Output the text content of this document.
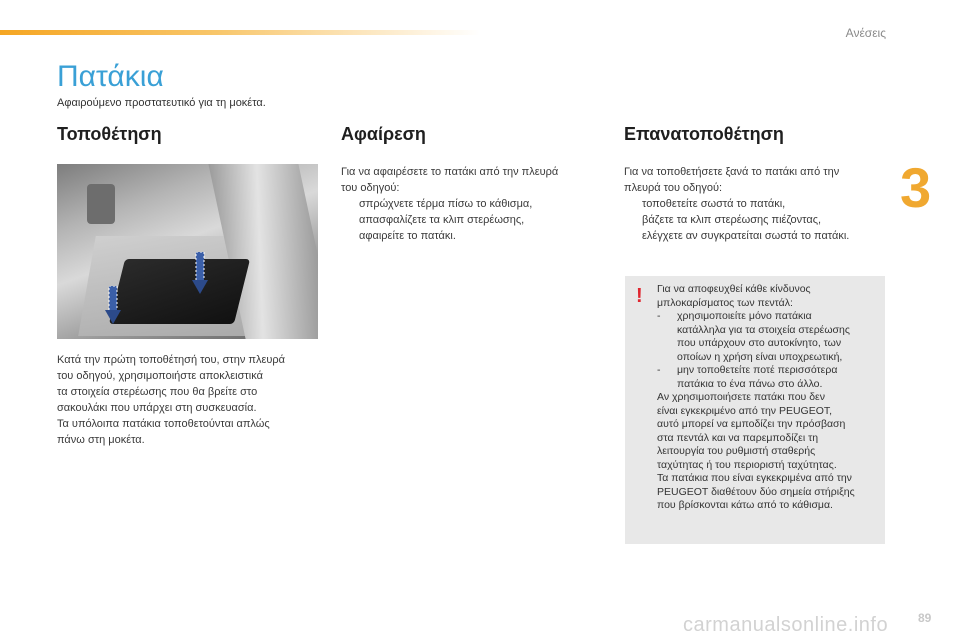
Ανέσεις
3
Πατάκια
Αφαιρούμενο προστατευτικό για τη μοκέτα.
Τοποθέτηση

Κατά την πρώτη τοποθέτησή του, στην πλευρά

του οδηγού, χρησιμοποιήστε αποκλειστικά

τα στοιχεία στερέωσης που θα βρείτε στο

σακουλάκι που υπάρχει στη συσκευασία.

Τα υπόλοιπα πατάκια τοποθετούνται απλώς

πάνω στη μοκέτα.

Αφαίρεση

Για να αφαιρέσετε το πατάκι από την πλευρά

του οδηγού:

σπρώχνετε τέρμα πίσω το κάθισμα,
απασφαλίζετε τα κλιπ στερέωσης,
αφαιρείτε το πατάκι.
Επανατοποθέτηση

Για να τοποθετήσετε ξανά το πατάκι από την

πλευρά του οδηγού:

τοποθετείτε σωστά το πατάκι,
βάζετε τα κλιπ στερέωσης πιέζοντας,
ελέγχετε αν συγκρατείται σωστά το πατάκι.
! Για να αποφευχθεί κάθε κίνδυνος

μπλοκαρίσματος των πεντάλ:

- χρησιμοποιείτε μόνο πατάκια

κατάλληλα για τα στοιχεία στερέωσης

που υπάρχουν στο αυτοκίνητο, των

οποίων η χρήση είναι υποχρεωτική,

- μην τοποθετείτε ποτέ περισσότερα

πατάκια το ένα πάνω στο άλλο.

Αν χρησιμοποιήσετε πατάκι που δεν

είναι εγκεκριμένο από την PEUGEOT,

αυτό μπορεί να εμποδίζει την πρόσβαση

στα πεντάλ και να παρεμποδίζει τη

λειτουργία του ρυθμιστή σταθερής

ταχύτητας ή του περιοριστή ταχύτητας.

Τα πατάκια που είναι εγκεκριμένα από την

PEUGEOT διαθέτουν δύο σημεία στήριξης

που βρίσκονται κάτω από το κάθισμα.

carmanualsonline.info 89
